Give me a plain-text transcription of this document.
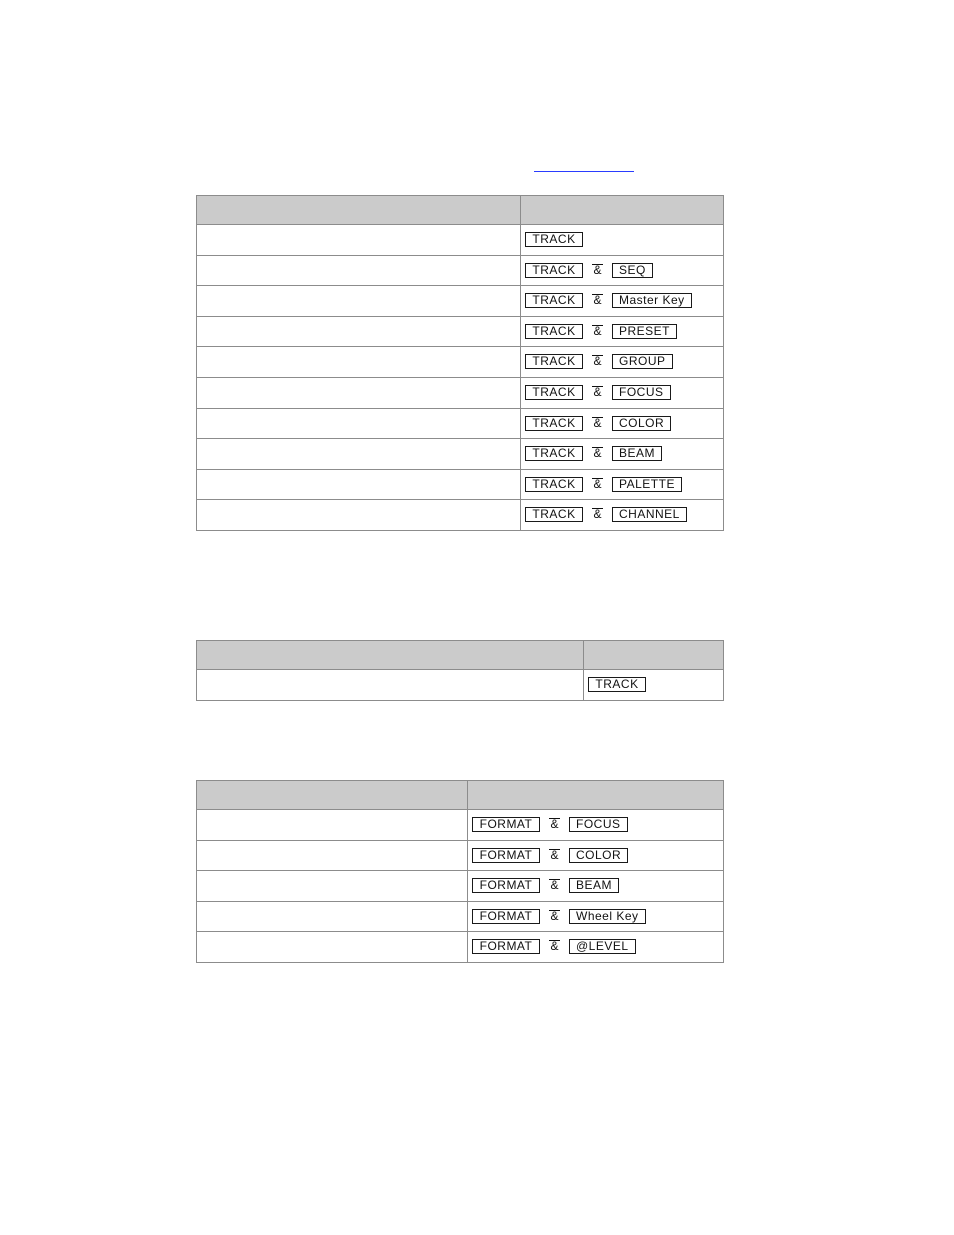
	TRACK
	TRACK & SEQ
	TRACK & Master Key
	TRACK & PRESET
	TRACK & GROUP
	TRACK & FOCUS
	TRACK & COLOR
	TRACK & BEAM
	TRACK & PALETTE
	TRACK & CHANNEL

	TRACK

	FORMAT & FOCUS
	FORMAT & COLOR
	FORMAT & BEAM
	FORMAT & Wheel Key
	FORMAT & @LEVEL
